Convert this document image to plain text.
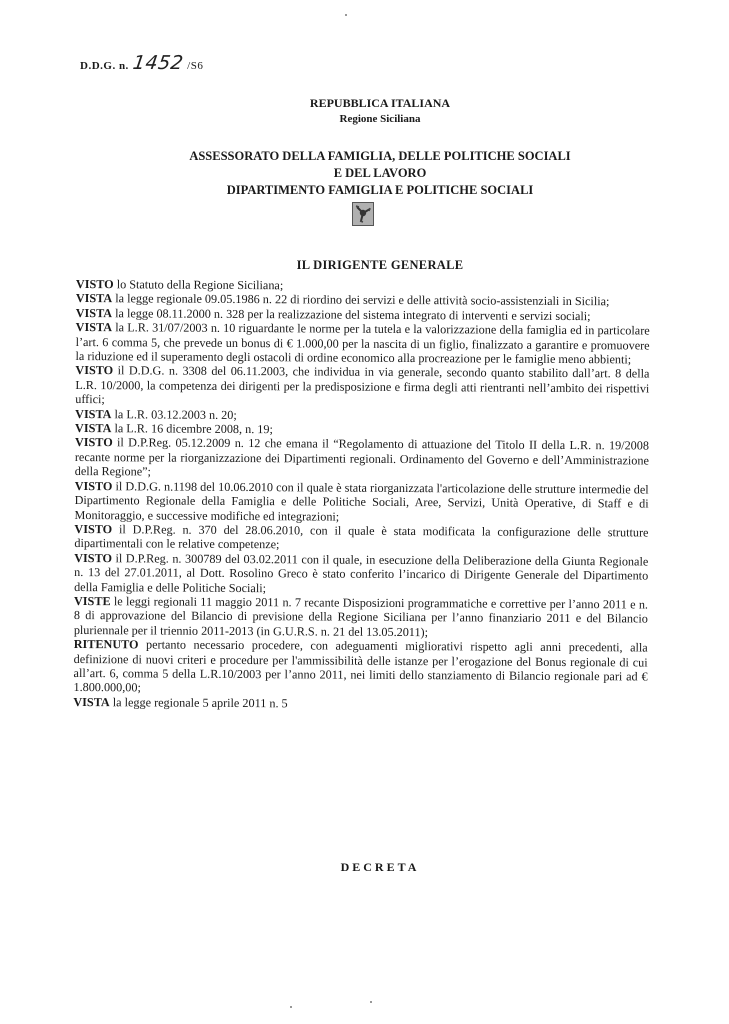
D.D.G. n. 1452 /S6
REPUBBLICA ITALIANA
Regione Siciliana
ASSESSORATO DELLA FAMIGLIA, DELLE POLITICHE SOCIALI
E DEL LAVORO
DIPARTIMENTO FAMIGLIA E POLITICHE SOCIALI
IL DIRIGENTE GENERALE

VISTO lo Statuto della Regione Siciliana;

VISTA la legge regionale 09.05.1986 n. 22 di riordino dei servizi e delle attività socio-assistenziali in Sicilia;

VISTA la legge 08.11.2000 n. 328 per la realizzazione del sistema integrato di interventi e servizi sociali;

VISTA la L.R. 31/07/2003 n. 10 riguardante le norme per la tutela e la valorizzazione della famiglia ed in particolare l’art. 6 comma 5, che prevede un bonus di € 1.000,00 per la nascita di un figlio, finalizzato a garantire e promuovere la riduzione ed il superamento degli ostacoli di ordine economico alla procreazione per le famiglie meno abbienti;

VISTO il D.D.G. n. 3308 del 06.11.2003, che individua in via generale, secondo quanto stabilito dall’art. 8 della L.R. 10/2000, la competenza dei dirigenti per la predisposizione e firma degli atti rientranti nell’ambito dei rispettivi uffici;

VISTA la L.R. 03.12.2003 n. 20;

VISTA la L.R. 16 dicembre 2008, n. 19;

VISTO il D.P.Reg. 05.12.2009 n. 12 che emana il “Regolamento di attuazione del Titolo II della L.R. n. 19/2008 recante norme per la riorganizzazione dei Dipartimenti regionali. Ordinamento del Governo e dell’Amministrazione della Regione”;

VISTO il D.D.G. n.1198 del 10.06.2010 con il quale è stata riorganizzata l'articolazione delle strutture intermedie del Dipartimento Regionale della Famiglia e delle Politiche Sociali, Aree, Servizi, Unità Operative, di Staff e di Monitoraggio, e successive modifiche ed integrazioni;

VISTO il D.P.Reg. n. 370 del 28.06.2010, con il quale è stata modificata la configurazione delle strutture dipartimentali con le relative competenze;

VISTO il D.P.Reg. n. 300789 del 03.02.2011 con il quale, in esecuzione della Deliberazione della Giunta Regionale n. 13 del 27.01.2011, al Dott. Rosolino Greco è stato conferito l’incarico di Dirigente Generale del Dipartimento della Famiglia e delle Politiche Sociali;

VISTE le leggi regionali 11 maggio 2011 n. 7 recante Disposizioni programmatiche e correttive per l’anno 2011 e n. 8 di approvazione del Bilancio di previsione della Regione Siciliana per l’anno finanziario 2011 e del Bilancio pluriennale per il triennio 2011-2013 (in G.U.R.S. n. 21 del 13.05.2011);

RITENUTO pertanto necessario procedere, con adeguamenti migliorativi rispetto agli anni precedenti, alla definizione di nuovi criteri e procedure per l'ammissibilità delle istanze per l’erogazione del Bonus regionale di cui all’art. 6, comma 5 della L.R.10/2003 per l’anno 2011, nei limiti dello stanziamento di Bilancio regionale pari ad € 1.800.000,00;

VISTA la legge regionale 5 aprile 2011 n. 5

DECRETA
